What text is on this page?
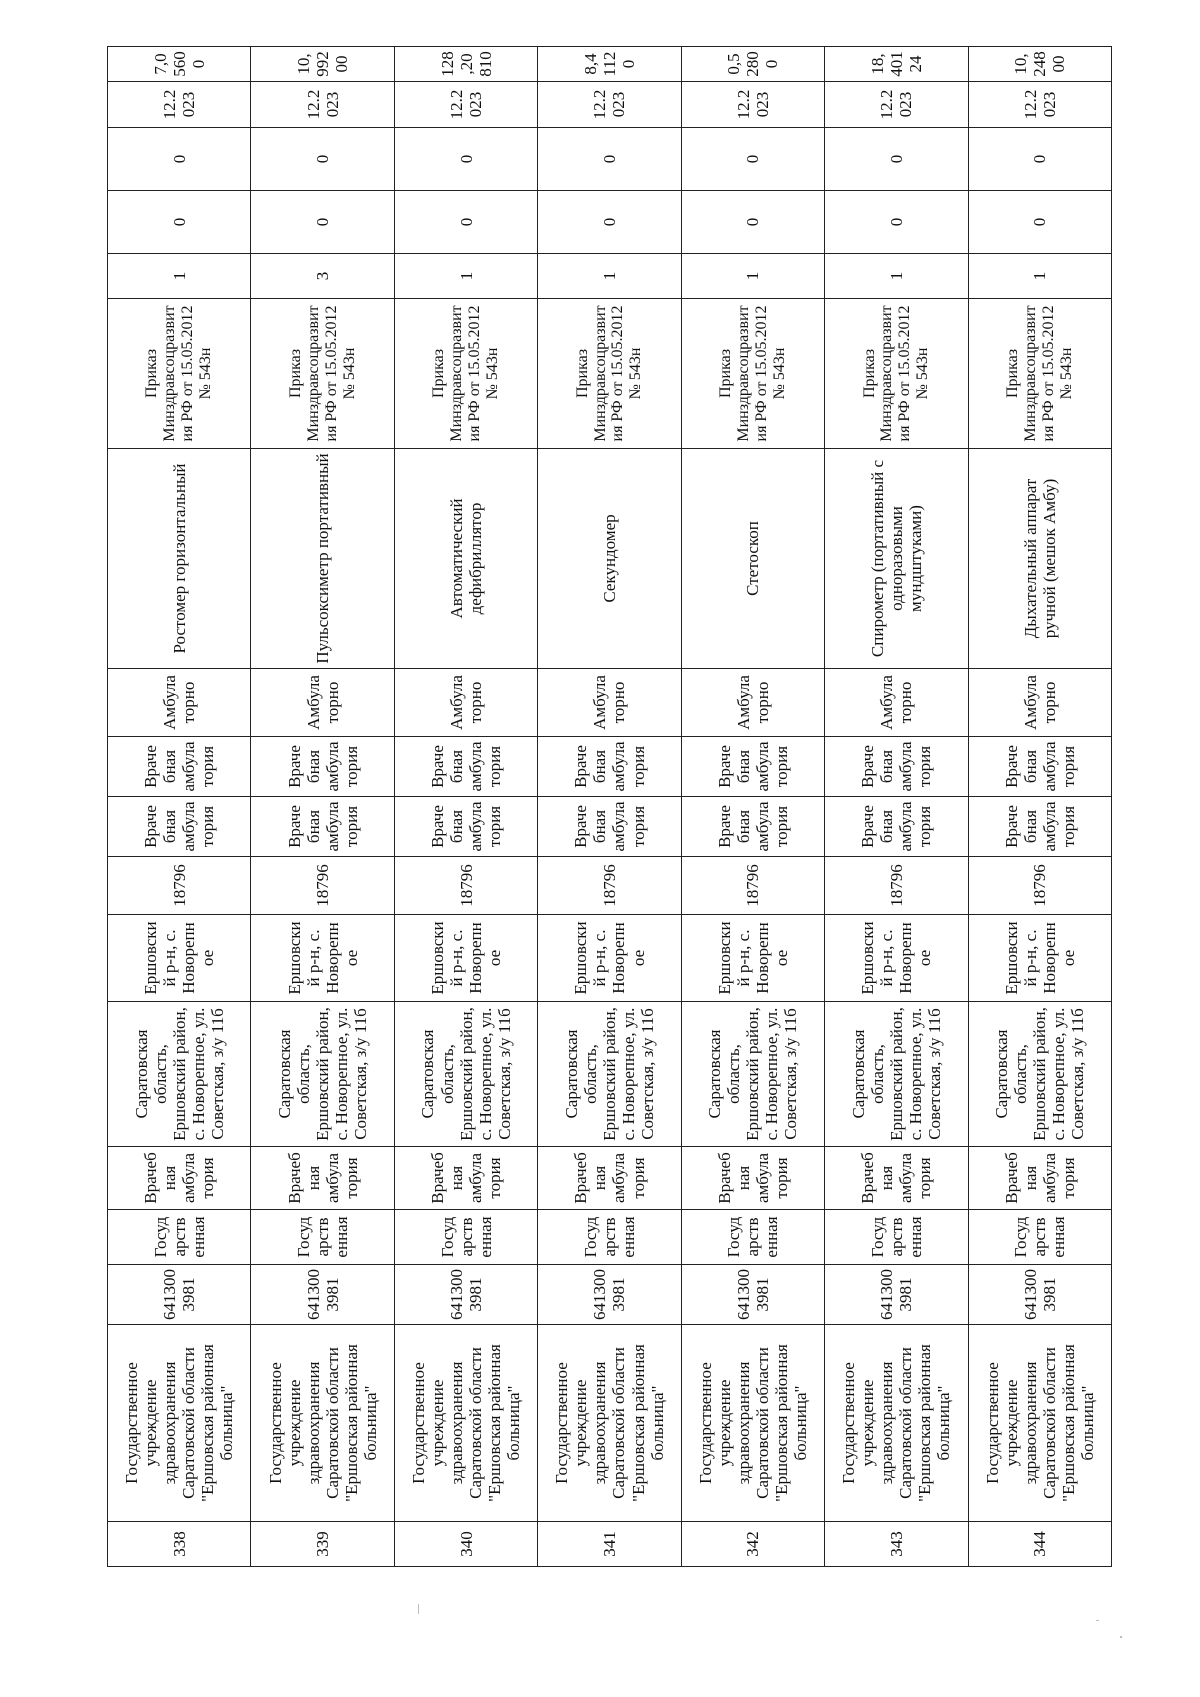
338	Государственное учреждение здравоохранения Саратовской области "Ершовская районная больница"	6413003981	Государственная	Врачебная амбулатория	Саратовская область, Ершовский район, с. Новорепное, ул. Советская, з/у 11б	Ершовский р-н, с. Новорепное	18796	Врачебная амбулатория	Врачебная амбулатория	Амбулаторно	Ростомер горизонтальный	Приказ Минздравсоцразвития РФ от 15.05.2012 № 543н	1	0	0	12.2023	7,05600
339	Государственное учреждение здравоохранения Саратовской области "Ершовская районная больница"	6413003981	Государственная	Врачебная амбулатория	Саратовская область, Ершовский район, с. Новорепное, ул. Советская, з/у 11б	Ершовский р-н, с. Новорепное	18796	Врачебная амбулатория	Врачебная амбулатория	Амбулаторно	Пульсоксиметр портативный	Приказ Минздравсоцразвития РФ от 15.05.2012 № 543н	3	0	0	12.2023	10,99200
340	Государственное учреждение здравоохранения Саратовской области "Ершовская районная больница"	6413003981	Государственная	Врачебная амбулатория	Саратовская область, Ершовский район, с. Новорепное, ул. Советская, з/у 11б	Ершовский р-н, с. Новорепное	18796	Врачебная амбулатория	Врачебная амбулатория	Амбулаторно	Автоматический дефибриллятор	Приказ Минздравсоцразвития РФ от 15.05.2012 № 543н	1	0	0	12.2023	128,20810
341	Государственное учреждение здравоохранения Саратовской области "Ершовская районная больница"	6413003981	Государственная	Врачебная амбулатория	Саратовская область, Ершовский район, с. Новорепное, ул. Советская, з/у 11б	Ершовский р-н, с. Новорепное	18796	Врачебная амбулатория	Врачебная амбулатория	Амбулаторно	Секундомер	Приказ Минздравсоцразвития РФ от 15.05.2012 № 543н	1	0	0	12.2023	8,41120
342	Государственное учреждение здравоохранения Саратовской области "Ершовская районная больница"	6413003981	Государственная	Врачебная амбулатория	Саратовская область, Ершовский район, с. Новорепное, ул. Советская, з/у 11б	Ершовский р-н, с. Новорепное	18796	Врачебная амбулатория	Врачебная амбулатория	Амбулаторно	Стетоскоп	Приказ Минздравсоцразвития РФ от 15.05.2012 № 543н	1	0	0	12.2023	0,52800
343	Государственное учреждение здравоохранения Саратовской области "Ершовская районная больница"	6413003981	Государственная	Врачебная амбулатория	Саратовская область, Ершовский район, с. Новорепное, ул. Советская, з/у 11б	Ершовский р-н, с. Новорепное	18796	Врачебная амбулатория	Врачебная амбулатория	Амбулаторно	Спирометр (портативный с одноразовыми мундштуками)	Приказ Минздравсоцразвития РФ от 15.05.2012 № 543н	1	0	0	12.2023	18,40124
344	Государственное учреждение здравоохранения Саратовской области "Ершовская районная больница"	6413003981	Государственная	Врачебная амбулатория	Саратовская область, Ершовский район, с. Новорепное, ул. Советская, з/у 11б	Ершовский р-н, с. Новорепное	18796	Врачебная амбулатория	Врачебная амбулатория	Амбулаторно	Дыхательный аппарат ручной (мешок Амбу)	Приказ Минздравсоцразвития РФ от 15.05.2012 № 543н	1	0	0	12.2023	10,24800
